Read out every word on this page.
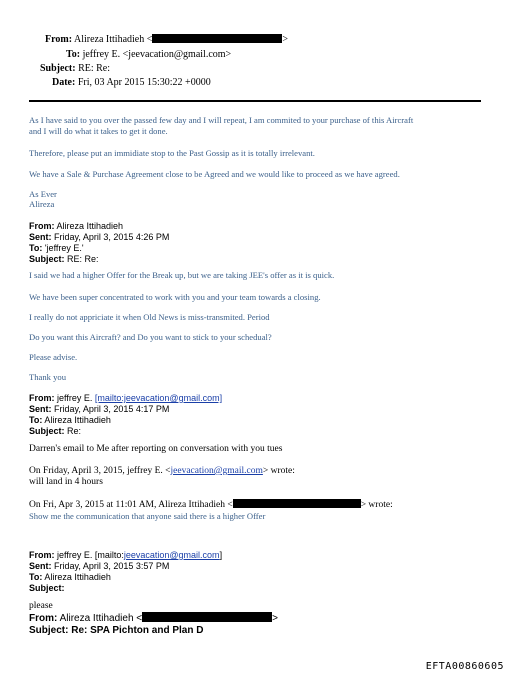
From: Alireza Ittihadieh <	>
To: jeffrey E. <jeevacation@gmail.com>
Subject: RE: Re:
Date: Fri, 03 Apr 2015 15:30:22 +0000
As I have said to you over the passed few day and I will repeat, I am commited to your purchase of this Aircraft
and I will do what it takes to get it done.
Therefore, please put an immidiate stop to the Past Gossip as it is totally irrelevant.
We have a Sale & Purchase Agreement close to be Agreed and we would like to proceed as we have agreed.
As Ever
Alireza
From: Alireza Ittihadieh
Sent: Friday, April 3, 2015 4:26 PM
To: 'jeffrey E.'
Subject: RE: Re:
I said we had a higher Offer for the Break up, but we are taking JEE's offer as it is quick.
We have been super concentrated to work with you and your team towards a closing.
I really do not appriciate it when Old News is miss-transmited. Period
Do you want this Aircraft? and Do you want to stick to your schedual?
Please advise.
Thank you
From: jeffrey E. [mailto:jeevacation@gmail.com]
Sent: Friday, April 3, 2015 4:17 PM
To: Alireza Ittihadieh
Subject: Re:
Darren's email to Me after reporting on conversation with you tues
On Friday, April 3, 2015, jeffrey E. <jeevacation@gmail.com> wrote:
will land in 4 hours
On Fri, Apr 3, 2015 at 11:01 AM, Alireza Ittihadieh <	> wrote:
Show me the communication that anyone said there is a higher Offer
From: jeffrey E. [mailto:jeevacation@gmail.com]
Sent: Friday, April 3, 2015 3:57 PM
To: Alireza Ittihadieh
Subject:
please
From: Alireza Ittihadieh <	>
Subject: Re: SPA Pichton and Plan D
EFTA00860605
